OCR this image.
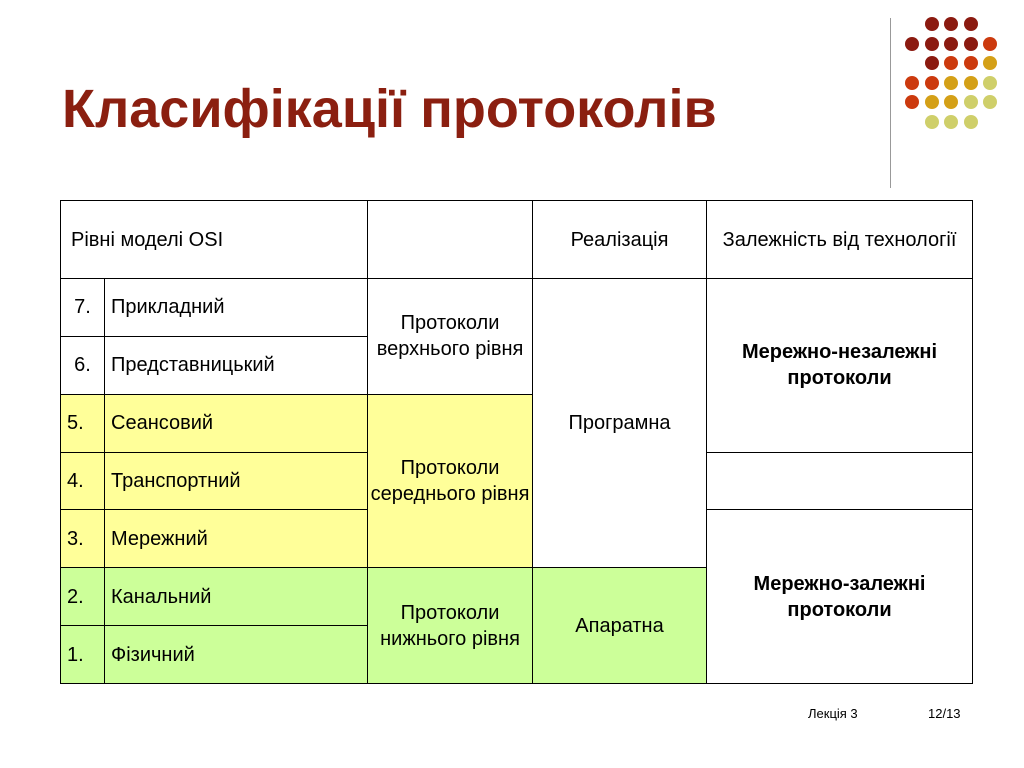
Класифікації протоколів
Рівні моделі OSI			Реалізація	Залежність від технології
7.	Прикладний	Протоколи верхнього рівня	Програмна	Мережно-незалежні протоколи
6.	Представницький			
5.	Сеансовий	Протоколи середнього рівня		
4.	Транспортний			
3.	Мережний			Мережно-залежні протоколи
2.	Канальний	Протоколи нижнього рівня	Апаратна	
1.	Фізичний			
Лекція 3	12/13
